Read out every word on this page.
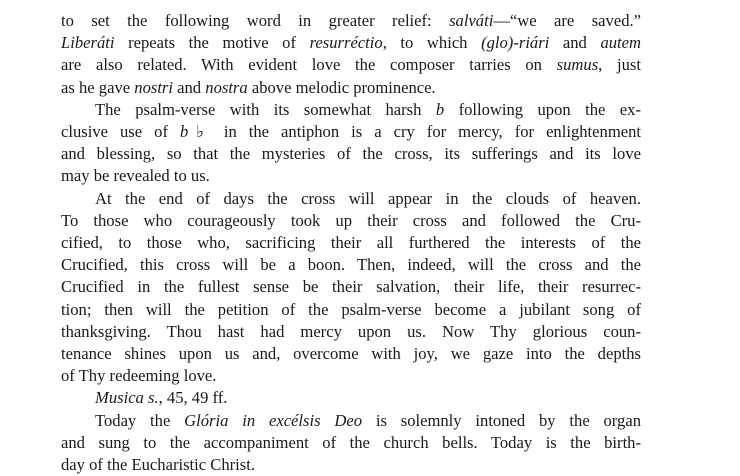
to set the following word in greater relief: salváti—“we are saved.”
Liberáti repeats the motive of resurréctio, to which (glo)-riári and autem
are also related. With evident love the composer tarries on sumus, just
as he gave nostri and nostra above melodic prominence.
The psalm-verse with its somewhat harsh b following upon the ex-
clusive use of b♭ in the antiphon is a cry for mercy, for enlightenment
and blessing, so that the mysteries of the cross, its sufferings and its love
may be revealed to us.
At the end of days the cross will appear in the clouds of heaven.
To those who courageously took up their cross and followed the Cru-
cified, to those who, sacrificing their all furthered the interests of the
Crucified, this cross will be a boon. Then, indeed, will the cross and the
Crucified in the fullest sense be their salvation, their life, their resurrec-
tion; then will the petition of the psalm-verse become a jubilant song of
thanksgiving. Thou hast had mercy upon us. Now Thy glorious coun-
tenance shines upon us and, overcome with joy, we gaze into the depths
of Thy redeeming love.
Musica s., 45, 49 ff.
Today the Glória in excélsis Deo is solemnly intoned by the organ
and sung to the accompaniment of the church bells. Today is the birth-
day of the Eucharistic Christ.
